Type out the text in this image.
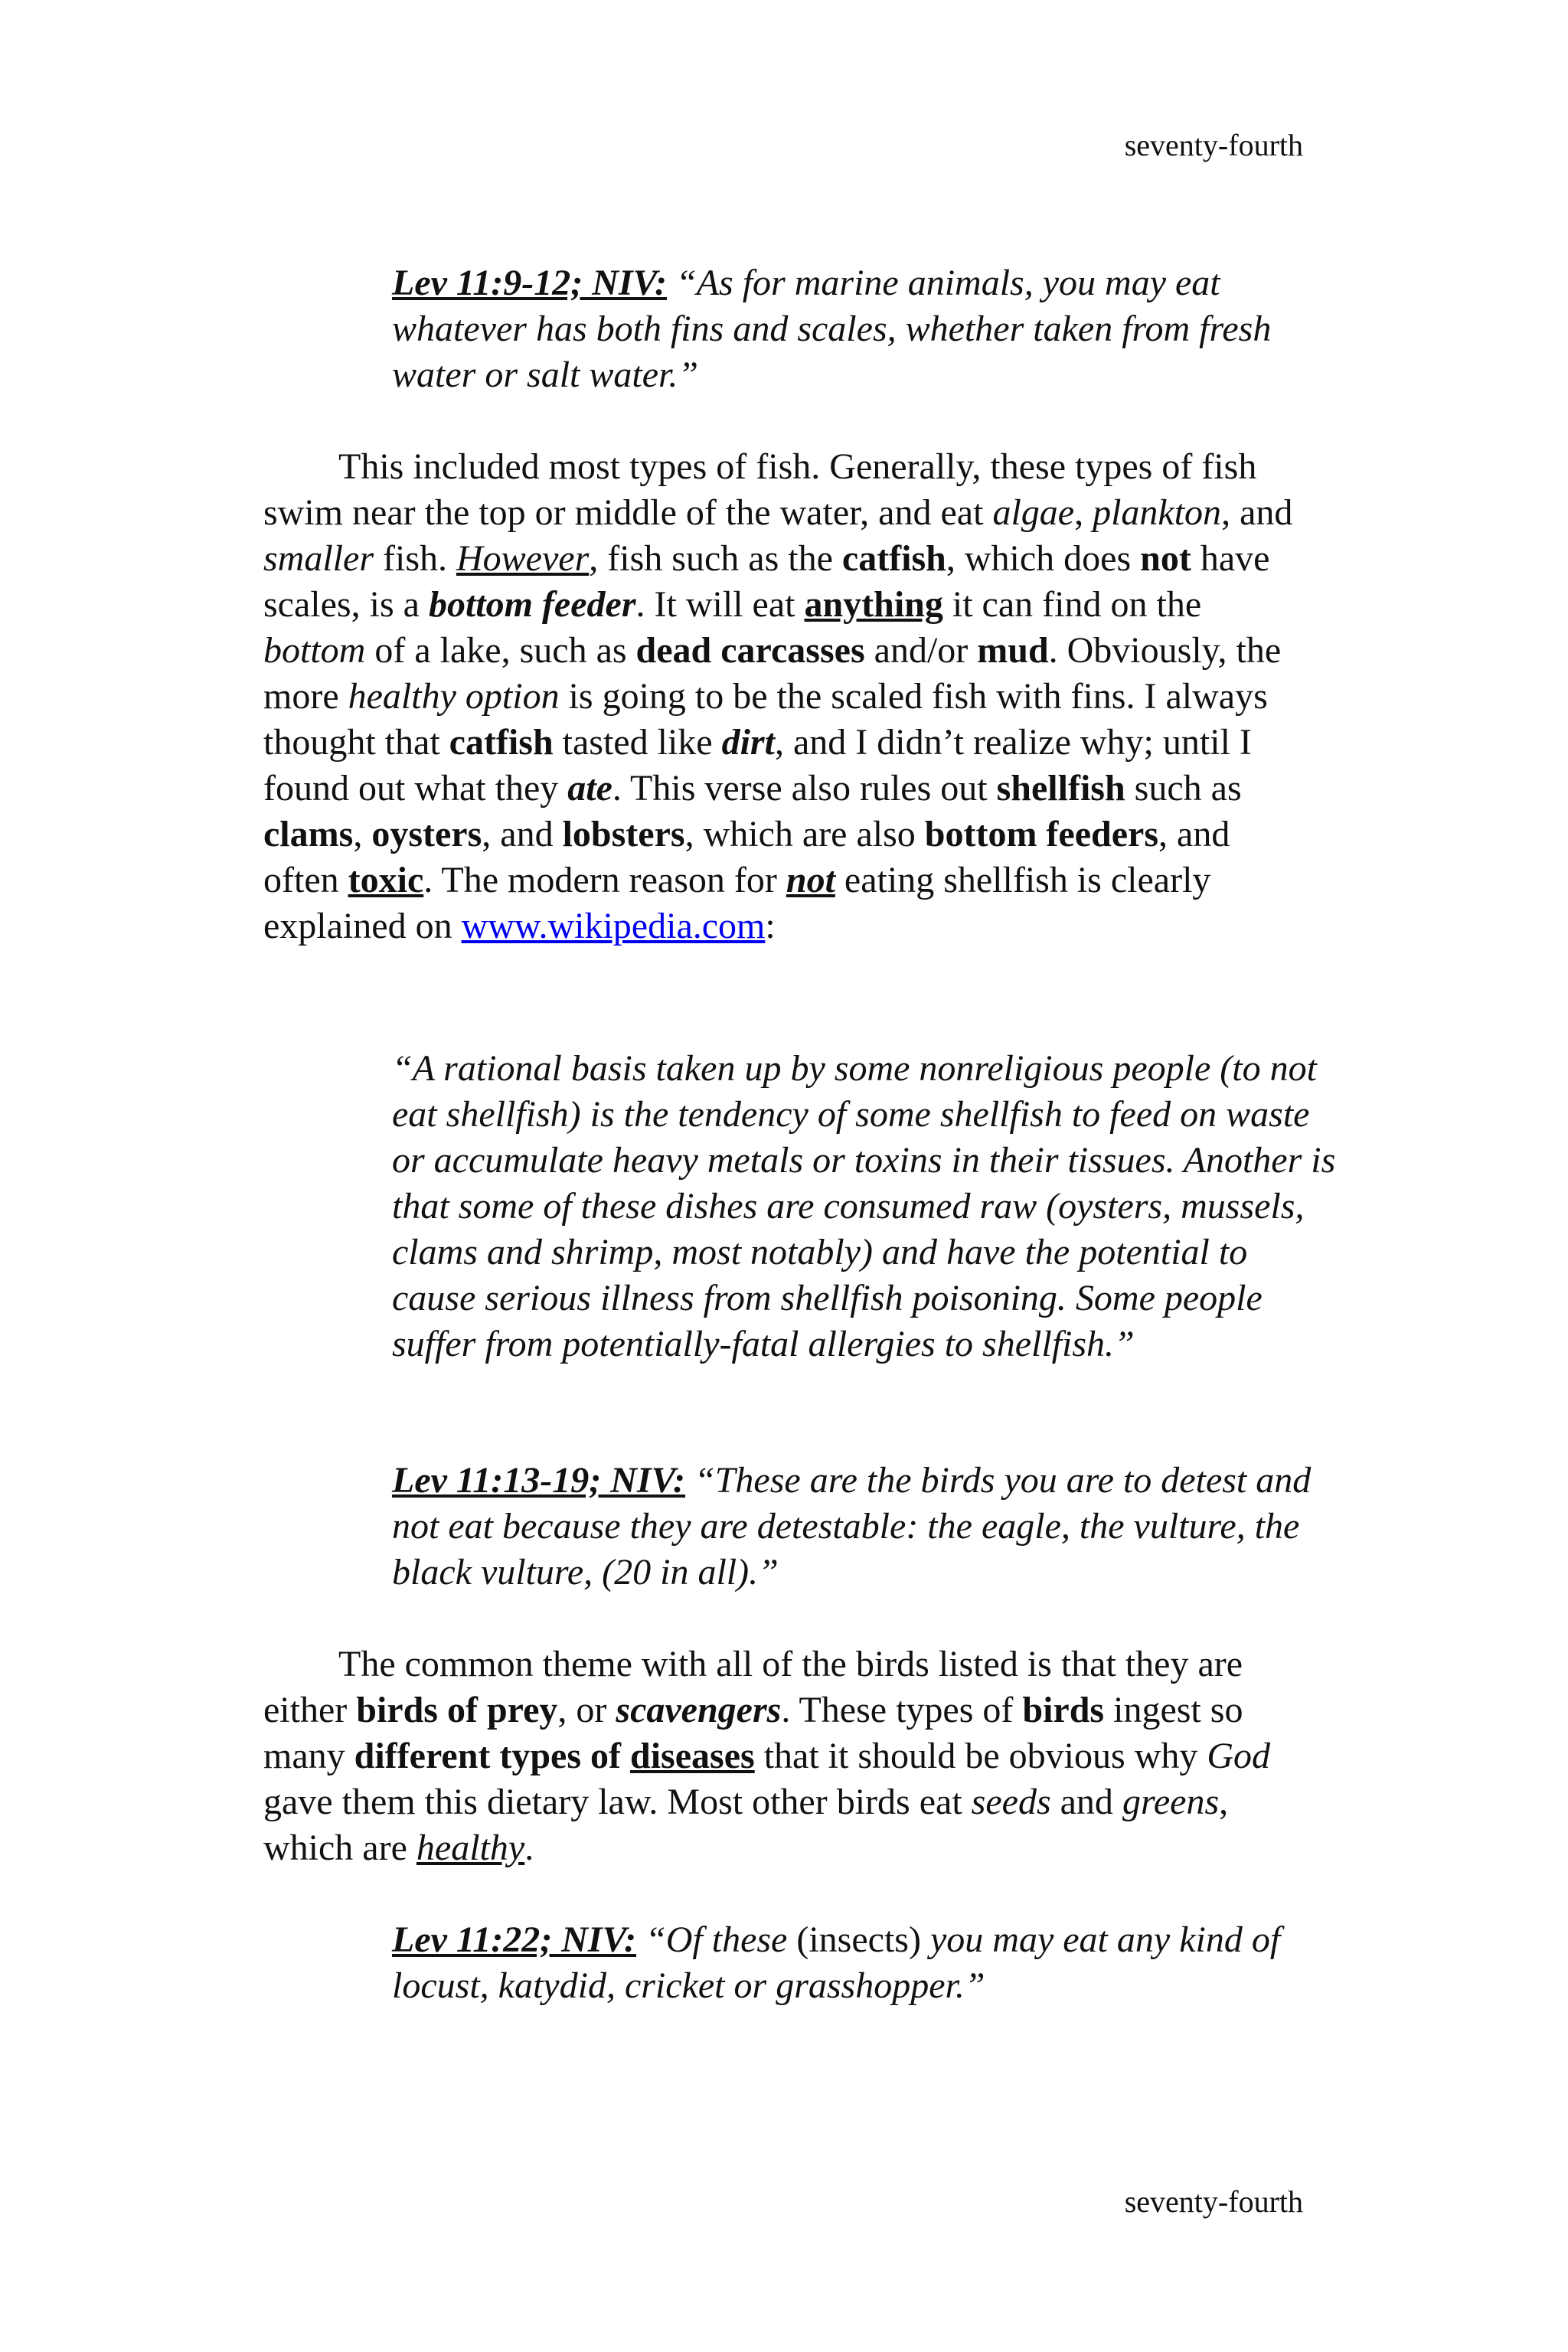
seventy-fourth
Lev 11:9-12; NIV: “As for marine animals, you may eat whatever has both fins and scales, whether taken from fresh water or salt water.”
This included most types of fish. Generally, these types of fish swim near the top or middle of the water, and eat algae, plankton, and smaller fish. However, fish such as the catfish, which does not have scales, is a bottom feeder. It will eat anything it can find on the bottom of a lake, such as dead carcasses and/or mud. Obviously, the more healthy option is going to be the scaled fish with fins. I always thought that catfish tasted like dirt, and I didn’t realize why; until I found out what they ate. This verse also rules out shellfish such as clams, oysters, and lobsters, which are also bottom feeders, and often toxic. The modern reason for not eating shellfish is clearly explained on www.wikipedia.com:
“A rational basis taken up by some nonreligious people (to not eat shellfish) is the tendency of some shellfish to feed on waste or accumulate heavy metals or toxins in their tissues. Another is that some of these dishes are consumed raw (oysters, mussels, clams and shrimp, most notably) and have the potential to cause serious illness from shellfish poisoning. Some people suffer from potentially-fatal allergies to shellfish.”
Lev 11:13-19; NIV: “These are the birds you are to detest and not eat because they are detestable: the eagle, the vulture, the black vulture, (20 in all).”
The common theme with all of the birds listed is that they are either birds of prey, or scavengers. These types of birds ingest so many different types of diseases that it should be obvious why God gave them this dietary law. Most other birds eat seeds and greens, which are healthy.
Lev 11:22; NIV: “Of these (insects) you may eat any kind of locust, katydid, cricket or grasshopper.”
seventy-fourth
